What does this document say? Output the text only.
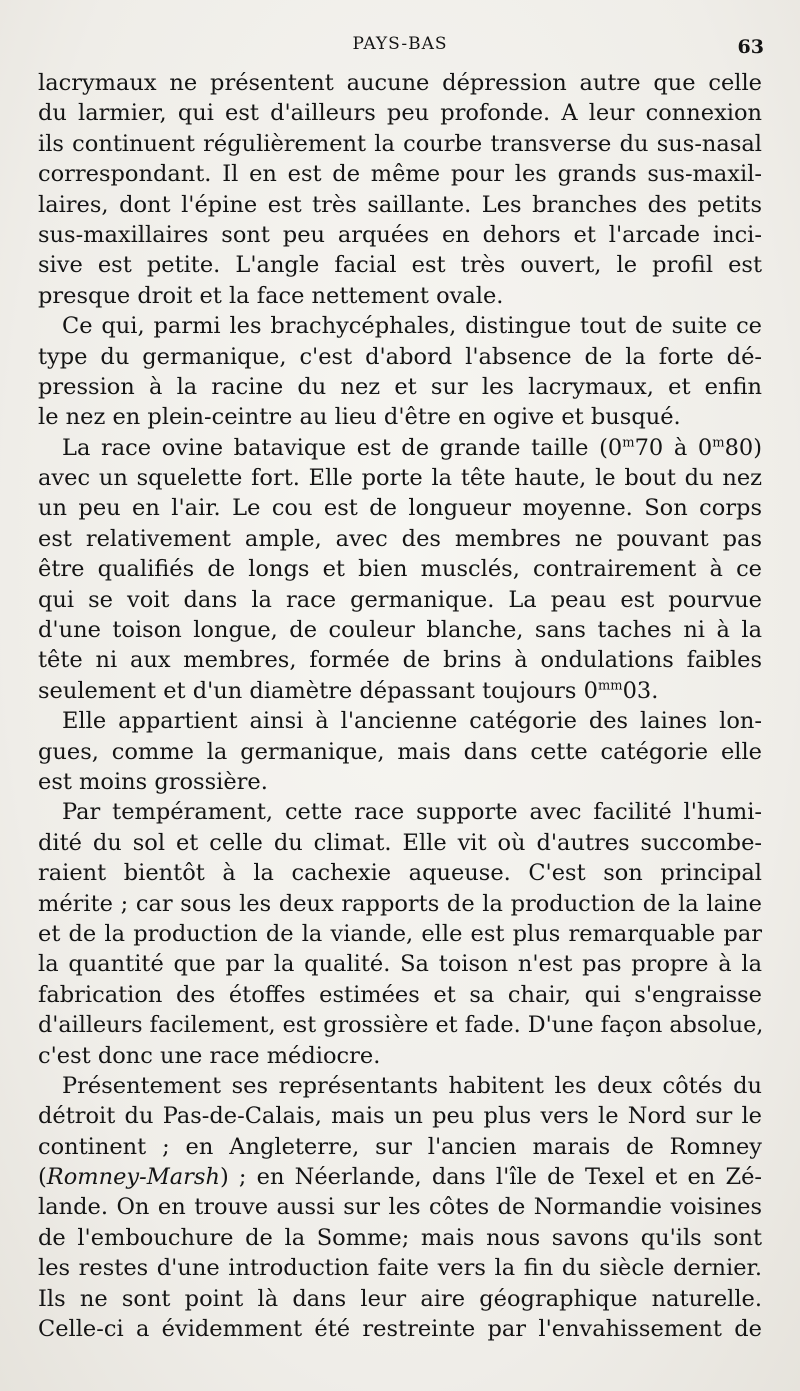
PAYS-BAS	63
lacrymaux ne présentent aucune dépression autre que celle
du larmier, qui est d'ailleurs peu profonde. A leur connexion
ils continuent régulièrement la courbe transverse du sus-nasal
correspondant. Il en est de même pour les grands sus-maxil-
laires, dont l'épine est très saillante. Les branches des petits
sus-maxillaires sont peu arquées en dehors et l'arcade inci-
sive est petite. L'angle facial est très ouvert, le profil est
presque droit et la face nettement ovale.
Ce qui, parmi les brachycéphales, distingue tout de suite ce
type du germanique, c'est d'abord l'absence de la forte dé-
pression à la racine du nez et sur les lacrymaux, et enfin
le nez en plein-ceintre au lieu d'être en ogive et busqué.
La race ovine batavique est de grande taille (0$^m$70 à 0$^m$80)
avec un squelette fort. Elle porte la tête haute, le bout du nez
un peu en l'air. Le cou est de longueur moyenne. Son corps
est relativement ample, avec des membres ne pouvant pas
être qualifiés de longs et bien musclés, contrairement à ce
qui se voit dans la race germanique. La peau est pourvue
d'une toison longue, de couleur blanche, sans taches ni à la
tête ni aux membres, formée de brins à ondulations faibles
seulement et d'un diamètre dépassant toujours $0^{mm}03$.
Elle appartient ainsi à l'ancienne catégorie des laines lon-
gues, comme la germanique, mais dans cette catégorie elle
est moins grossière.
Par tempérament, cette race supporte avec facilité l'humi-
dité du sol et celle du climat. Elle vit où d'autres succombe-
raient bientôt à la cachexie aqueuse. C'est son principal
mérite ; car sous les deux rapports de la production de la laine
et de la production de la viande, elle est plus remarquable par
la quantité que par la qualité. Sa toison n'est pas propre à la
fabrication des étoffes estimées et sa chair, qui s'engraisse
d'ailleurs facilement, est grossière et fade. D'une façon absolue,
c'est donc une race médiocre.
Présentement ses représentants habitent les deux côtés du
détroit du Pas-de-Calais, mais un peu plus vers le Nord sur le
continent ; en Angleterre, sur l'ancien marais de Romney
(Romney-Marsh) ; en Néerlande, dans l'île de Texel et en Zé-
lande. On en trouve aussi sur les côtes de Normandie voisines
de l'embouchure de la Somme; mais nous savons qu'ils sont
les restes d'une introduction faite vers la fin du siècle dernier.
Ils ne sont point là dans leur aire géographique naturelle.
Celle-ci a évidemment été restreinte par l'envahissement de
